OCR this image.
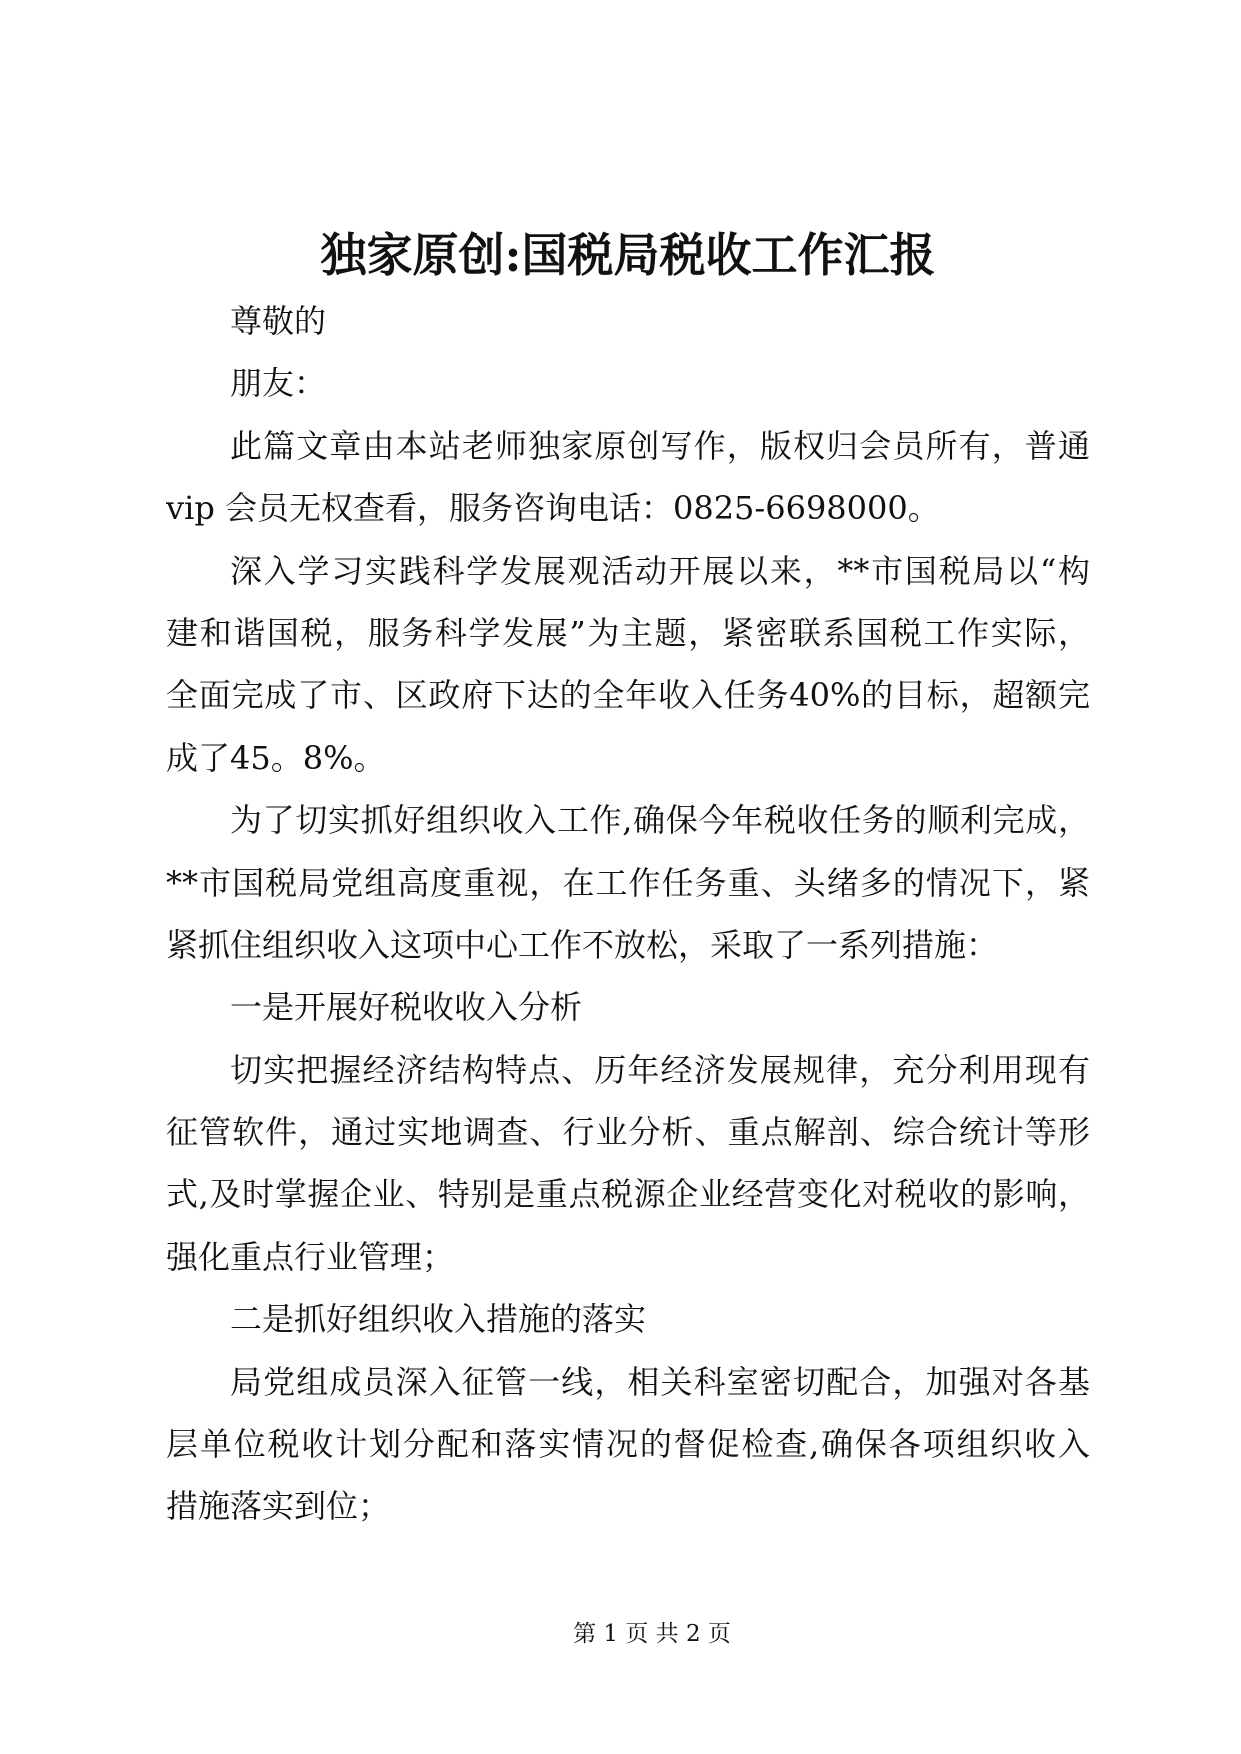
独家原创:国税局税收工作汇报
尊敬的
朋友：
此篇文章由本站老师独家原创写作，版权归会员所有，普通
vip 会员无权查看，服务咨询电话：0825-6698000。
深入学习实践科学发展观活动开展以来，**市国税局以“构
建和谐国税，服务科学发展”为主题，紧密联系国税工作实际，
全面完成了市、区政府下达的全年收入任务40%的目标，超额完
成了45。8%。
为了切实抓好组织收入工作,确保今年税收任务的顺利完成，
**市国税局党组高度重视，在工作任务重、头绪多的情况下，紧
紧抓住组织收入这项中心工作不放松，采取了一系列措施：
一是开展好税收收入分析
切实把握经济结构特点、历年经济发展规律，充分利用现有
征管软件，通过实地调查、行业分析、重点解剖、综合统计等形
式,及时掌握企业、特别是重点税源企业经营变化对税收的影响，
强化重点行业管理；
二是抓好组织收入措施的落实
局党组成员深入征管一线，相关科室密切配合，加强对各基
层单位税收计划分配和落实情况的督促检查,确保各项组织收入
措施落实到位；
第 1 页 共 2 页
